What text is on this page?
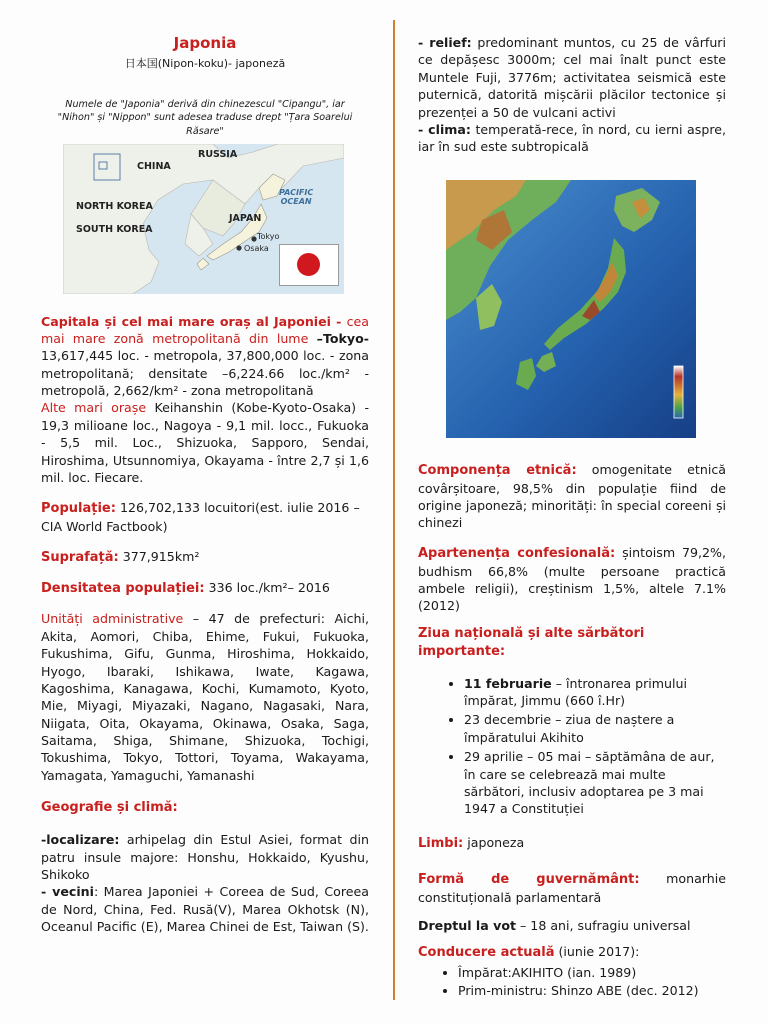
Japonia
日本国(Nipon-koku)- japoneză

Numele de "Japonia" derivă din chinezescul "Cipangu", iar "Nihon" și "Nippon" sunt adesea traduse drept "Țara Soarelui Răsare"

RUSSIA
CHINA
NORTH KOREA
SOUTH KOREA
JAPAN
Tokyo
Osaka
PACIFIC
OCEAN

Capitala și cel mai mare oraș al Japoniei - cea mai mare zonă metropolitană din lume –Tokyo- 13,617,445 loc. - metropola, 37,800,000 loc. - zona metropolitană; densitate –6,224.66 loc./km² - metropolă, 2,662/km² - zona metropolitană

Alte mari orașe Keihanshin (Kobe-Kyoto-Osaka) - 19,3 milioane loc., Nagoya - 9,1 mil. locc., Fukuoka - 5,5 mil. Loc., Shizuoka, Sapporo, Sendai, Hiroshima, Utsunnomiya, Okayama - între 2,7 și 1,6 mil. loc. Fiecare.

Populație: 126,702,133 locuitori(est. iulie 2016 – CIA World Factbook)

Suprafață: 377,915km²

Densitatea populației: 336 loc./km²– 2016

Unități administrative – 47 de prefecturi: Aichi, Akita, Aomori, Chiba, Ehime, Fukui, Fukuoka, Fukushima, Gifu, Gunma, Hiroshima, Hokkaido, Hyogo, Ibaraki, Ishikawa, Iwate, Kagawa, Kagoshima, Kanagawa, Kochi, Kumamoto, Kyoto, Mie, Miyagi, Miyazaki, Nagano, Nagasaki, Nara, Niigata, Oita, Okayama, Okinawa, Osaka, Saga, Saitama, Shiga, Shimane, Shizuoka, Tochigi, Tokushima, Tokyo, Tottori, Toyama, Wakayama, Yamagata, Yamaguchi, Yamanashi

Geografie și climă:

-localizare: arhipelag din Estul Asiei, format din patru insule majore: Honshu, Hokkaido, Kyushu, Shikoko

- vecini: Marea Japoniei + Coreea de Sud, Coreea de Nord, China, Fed. Rusă(V), Marea Okhotsk (N), Oceanul Pacific (E), Marea Chinei de Est, Taiwan (S).

- relief: predominant muntos, cu 25 de vârfuri ce depășesc 3000m; cel mai înalt punct este Muntele Fuji, 3776m; activitatea seismică este puternică, datorită mișcării plăcilor tectonice și prezenței a 50 de vulcani activi

- clima: temperată-rece, în nord, cu ierni aspre, iar în sud este subtropicală

Componența etnică: omogenitate etnică covârșitoare, 98,5% din populație fiind de origine japoneză; minorități: în special coreeni și chinezi

Apartenența confesională: șintoism 79,2%, budhism 66,8% (multe persoane practică ambele religii), creștinism 1,5%, altele 7.1% (2012)

Ziua națională și alte sărbători importante:

• 11 februarie – întronarea primului împărat, Jimmu (660 î.Hr)
• 23 decembrie – ziua de naștere a împăratului Akihito
• 29 aprilie – 05 mai – săptămâna de aur, în care se celebrează mai multe sărbători, inclusiv adoptarea pe 3 mai 1947 a Constituției

Limbi: japoneza

Formă de guvernământ: monarhie constituțională parlamentară

Dreptul la vot – 18 ani, sufragiu universal

Conducere actuală (iunie 2017):

• Împărat:AKIHITO (ian. 1989)
• Prim-ministru: Shinzo ABE (dec. 2012)
